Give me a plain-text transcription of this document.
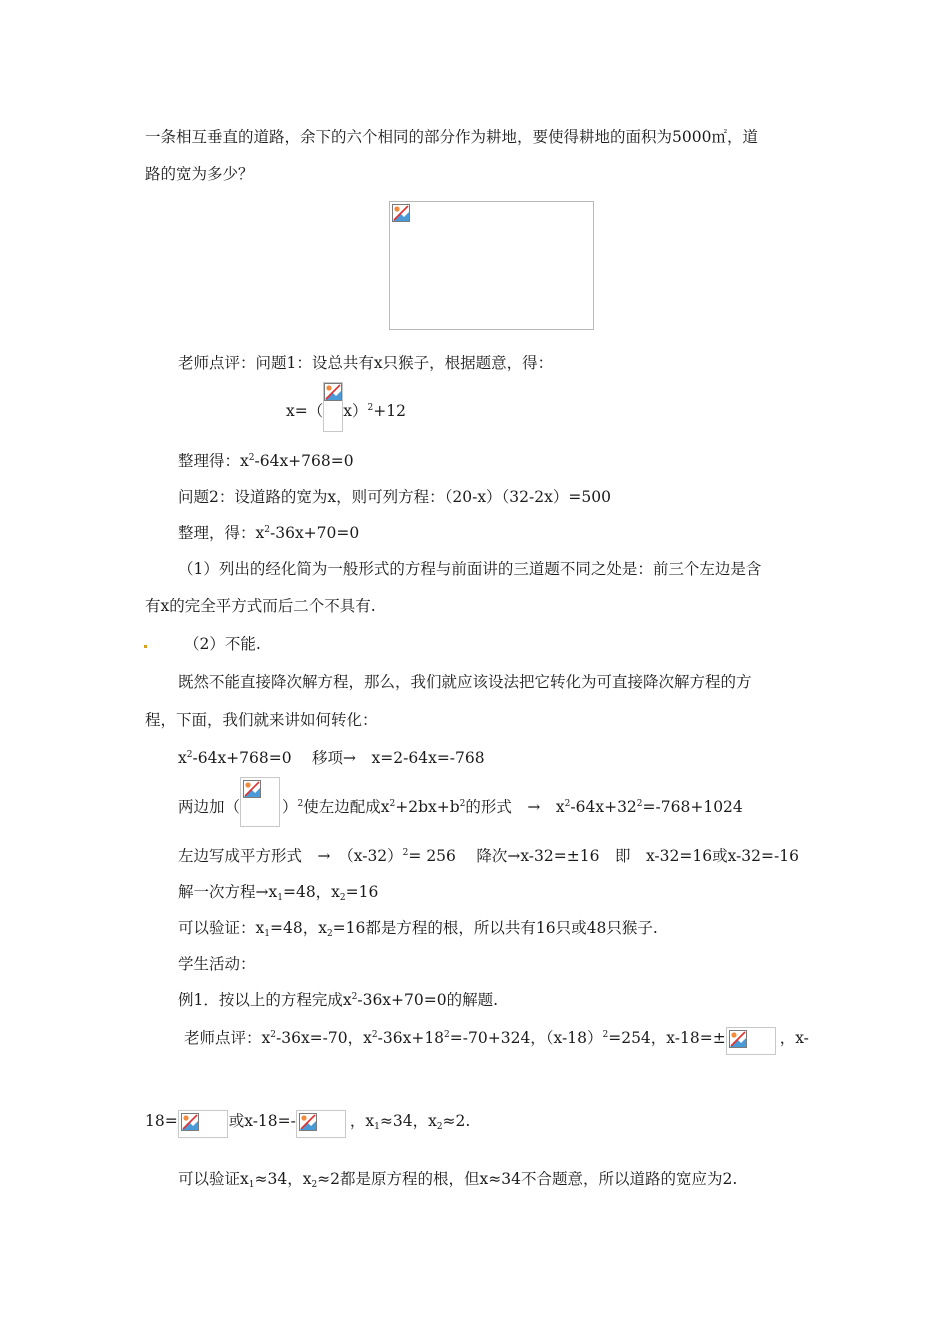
一条相互垂直的道路，余下的六个相同的部分作为耕地，要使得耕地的面积为5000㎡，道
路的宽为多少？
老师点评：问题1：设总共有x只猴子，根据题意，得：
x=（ x）$^2$+12
整理得：$x^2-64x+768=0$
问题2：设道路的宽为x，则可列方程：（20-x）（32-2x）=500
整理，得：$x^2-36x+70=0$
（1）列出的经化简为一般形式的方程与前面讲的三道题不同之处是：前三个左边是含
有x的完全平方式而后二个不具有.
（2）不能.
既然不能直接降次解方程，那么，我们就应该设法把它转化为可直接降次解方程的方
程，下面，我们就来讲如何转化：
$x^2-64x+768=0$　 移项→　x=2-64x=-768
两边加（	）$^2$使左边配成$x^2+2bx+b^2$的形式　→　$x^2-64x+32^2=-768+1024$
左边写成平方形式　→　$(x-32)^2= 256$　 降次→x-32=±16　即　x-32=16或x-32=-16
解一次方程$\to x_1=48$，$x_2=16$
可以验证：$x_1=48$，$x_2=16$都是方程的根，所以共有16只或48只猴子.
学生活动：
例1．按以上的方程完成$x^2-36x+70=0$的解题.
老师点评：$x^2-36x=-70$，$x^2-36x+18^2=-70+324$，$(x-18)^2=254$，x-18=±	，x-
18=	或x-18=-	，$x_1\approx 34$，$x_2\approx 2$.
可以验证$x_1\approx 34$，$x_2\approx 2$都是原方程的根，但x≈34不合题意，所以道路的宽应为2.
